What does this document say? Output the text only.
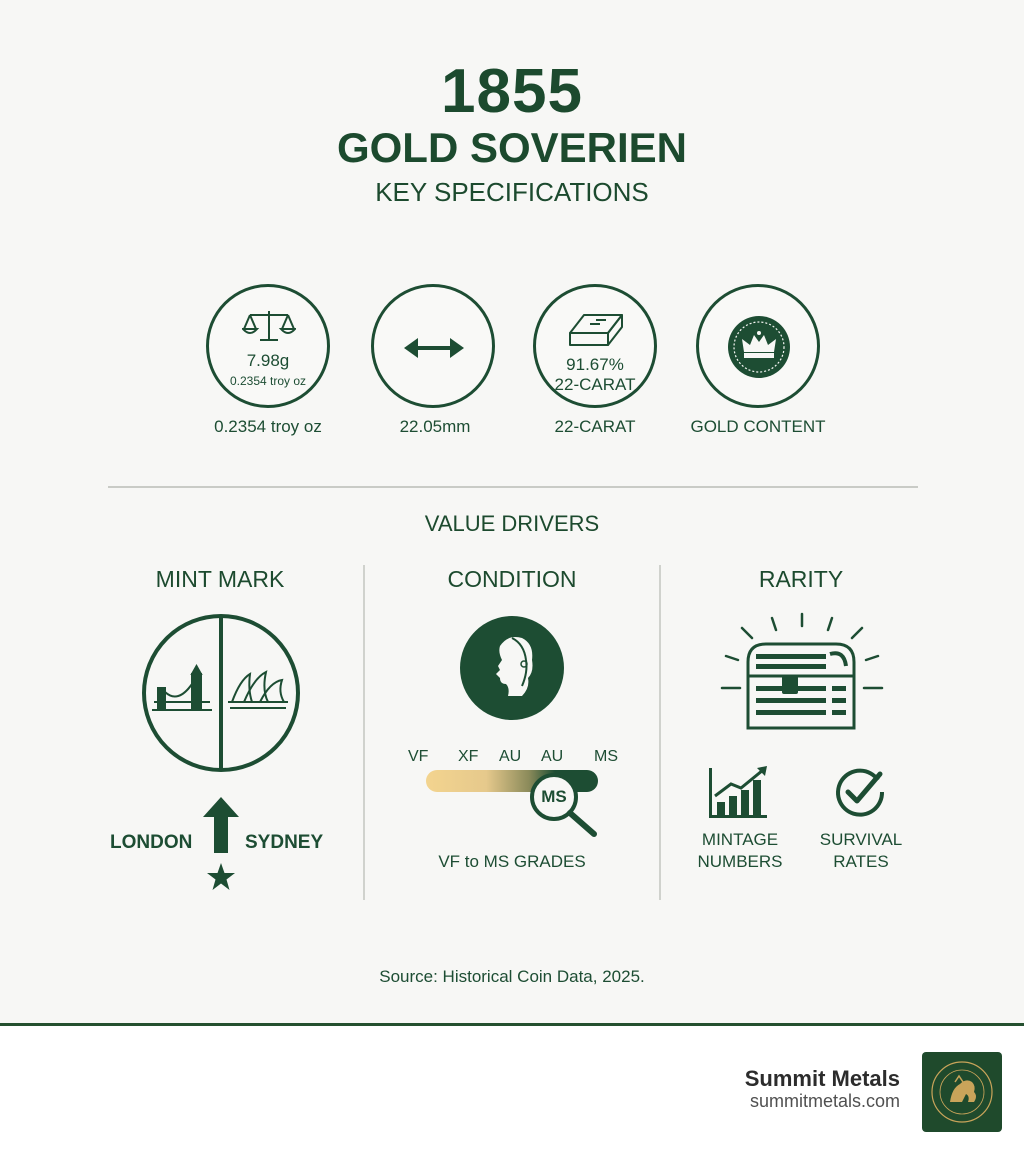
1855
GOLD SOVERIEN
KEY SPECIFICATIONS
7.98g
0.2354 troy oz
0.2354 troy oz	22.05mm
91.67%
22-CARAT
22-CARAT	GOLD CONTENT
VALUE DRIVERS
MINT MARK
LONDON	SYDNEY
CONDITION
VF XF AU AU MS
MS
VF to MS GRADES
RARITY
MINTAGE
NUMBERS
SURVIVAL
RATES
Source: Historical Coin Data, 2025.
Summit Metals
summitmetals.com
